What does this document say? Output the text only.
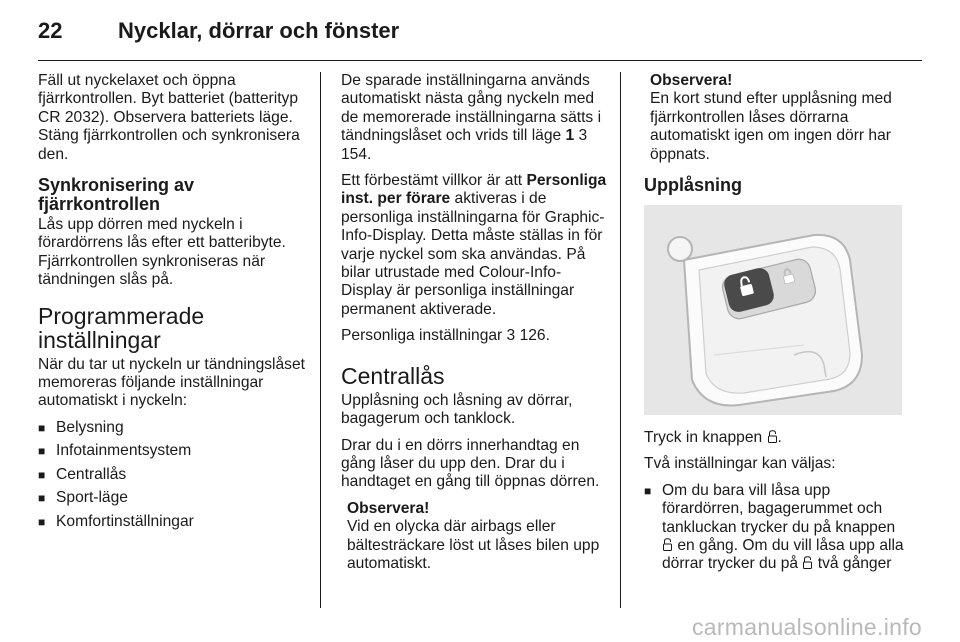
22	Nycklar, dörrar och fönster

Fäll ut nyckelaxet och öppna fjärrkontrollen. Byt batteriet (batterityp CR 2032). Observera batteriets läge. Stäng fjärrkontrollen och synkronisera den.

Synkronisering av fjärrkontrollen

Lås upp dörren med nyckeln i förardörrens lås efter ett batteribyte. Fjärrkontrollen synkroniseras när tändningen slås på.

Programmerade inställningar

När du tar ut nyckeln ur tändningslåset memoreras följande inställningar automatiskt i nyckeln:

■ Belysning
■ Infotainmentsystem
■ Centrallås
■ Sport-läge
■ Komfortinställningar

De sparade inställningarna används automatiskt nästa gång nyckeln med de memorerade inställningarna sätts i tändningslåset och vrids till läge 1 3 154.

Ett förbestämt villkor är att Personliga inst. per förare aktiveras i de personliga inställningarna för Graphic-Info-Display. Detta måste ställas in för varje nyckel som ska användas. På bilar utrustade med Colour-Info-Display är personliga inställningar permanent aktiverade.

Personliga inställningar 3 126.

Centrallås

Upplåsning och låsning av dörrar, bagagerum och tanklock.

Drar du i en dörrs innerhandtag en gång låser du upp den. Drar du i handtaget en gång till öppnas dörren.

Observera!
Vid en olycka där airbags eller bältesträckare löst ut låses bilen upp automatiskt.
Observera!
En kort stund efter upplåsning med fjärrkontrollen låses dörrarna automatiskt igen om ingen dörr har öppnats.
Upplåsning

Tryck in knappen .

Två inställningar kan väljas:

■ Om du bara vill låsa upp förardörren, bagagerummet och tankluckan trycker du på knappen  en gång. Om du vill låsa upp alla dörrar trycker du på två gånger
carmanualsonline.info
